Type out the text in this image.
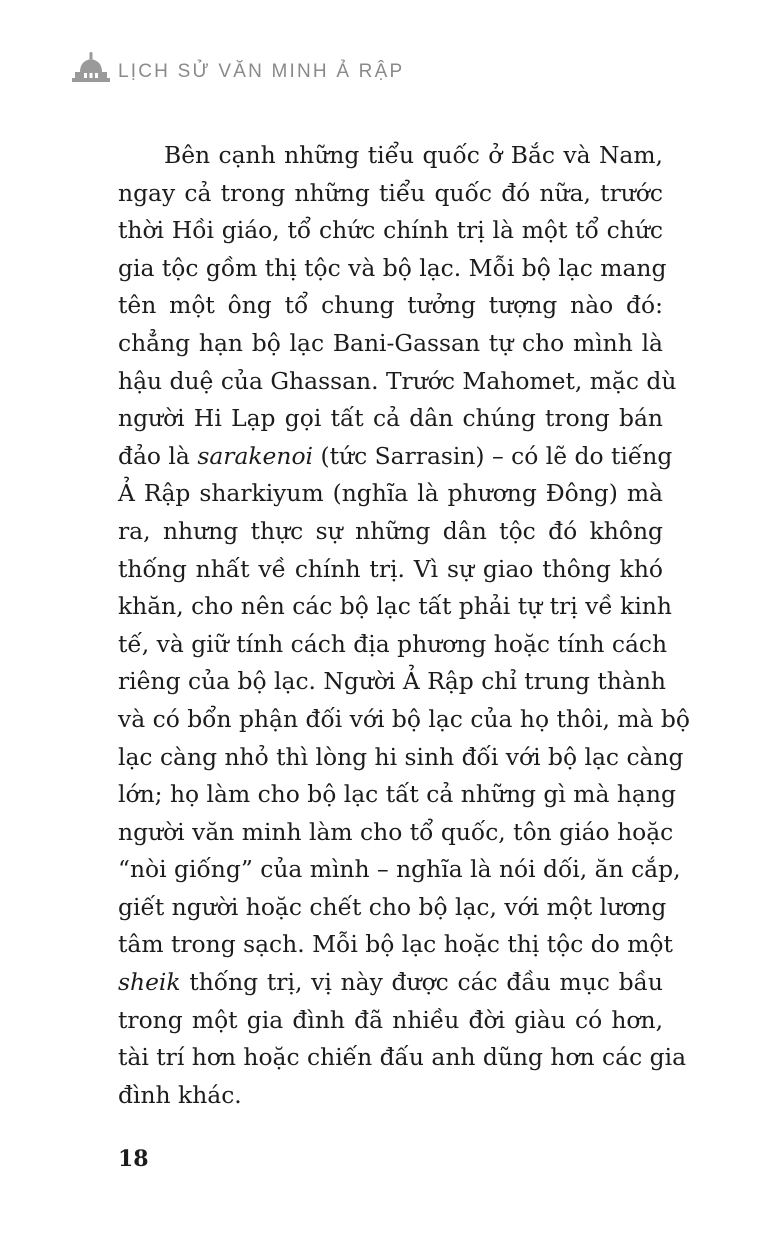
LỊCH SỬ VĂN MINH Ả RẬP
Bên cạnh những tiểu quốc ở Bắc và Nam,
ngay cả trong những tiểu quốc đó nữa, trước
thời Hồi giáo, tổ chức chính trị là một tổ chức
gia tộc gồm thị tộc và bộ lạc. Mỗi bộ lạc mang
tên một ông tổ chung tưởng tượng nào đó:
chẳng hạn bộ lạc Bani-Gassan tự cho mình là
hậu duệ của Ghassan. Trước Mahomet, mặc dù
người Hi Lạp gọi tất cả dân chúng trong bán
đảo là sarakenoi (tức Sarrasin) – có lẽ do tiếng
Ả Rập sharkiyum (nghĩa là phương Đông) mà
ra, nhưng thực sự những dân tộc đó không
thống nhất về chính trị. Vì sự giao thông khó
khăn, cho nên các bộ lạc tất phải tự trị về kinh
tế, và giữ tính cách địa phương hoặc tính cách
riêng của bộ lạc. Người Ả Rập chỉ trung thành
và có bổn phận đối với bộ lạc của họ thôi, mà bộ
lạc càng nhỏ thì lòng hi sinh đối với bộ lạc càng
lớn; họ làm cho bộ lạc tất cả những gì mà hạng
người văn minh làm cho tổ quốc, tôn giáo hoặc
“nòi giống” của mình – nghĩa là nói dối, ăn cắp,
giết người hoặc chết cho bộ lạc, với một lương
tâm trong sạch. Mỗi bộ lạc hoặc thị tộc do một
sheik thống trị, vị này được các đầu mục bầu
trong một gia đình đã nhiều đời giàu có hơn,
tài trí hơn hoặc chiến đấu anh dũng hơn các gia
đình khác.
18
